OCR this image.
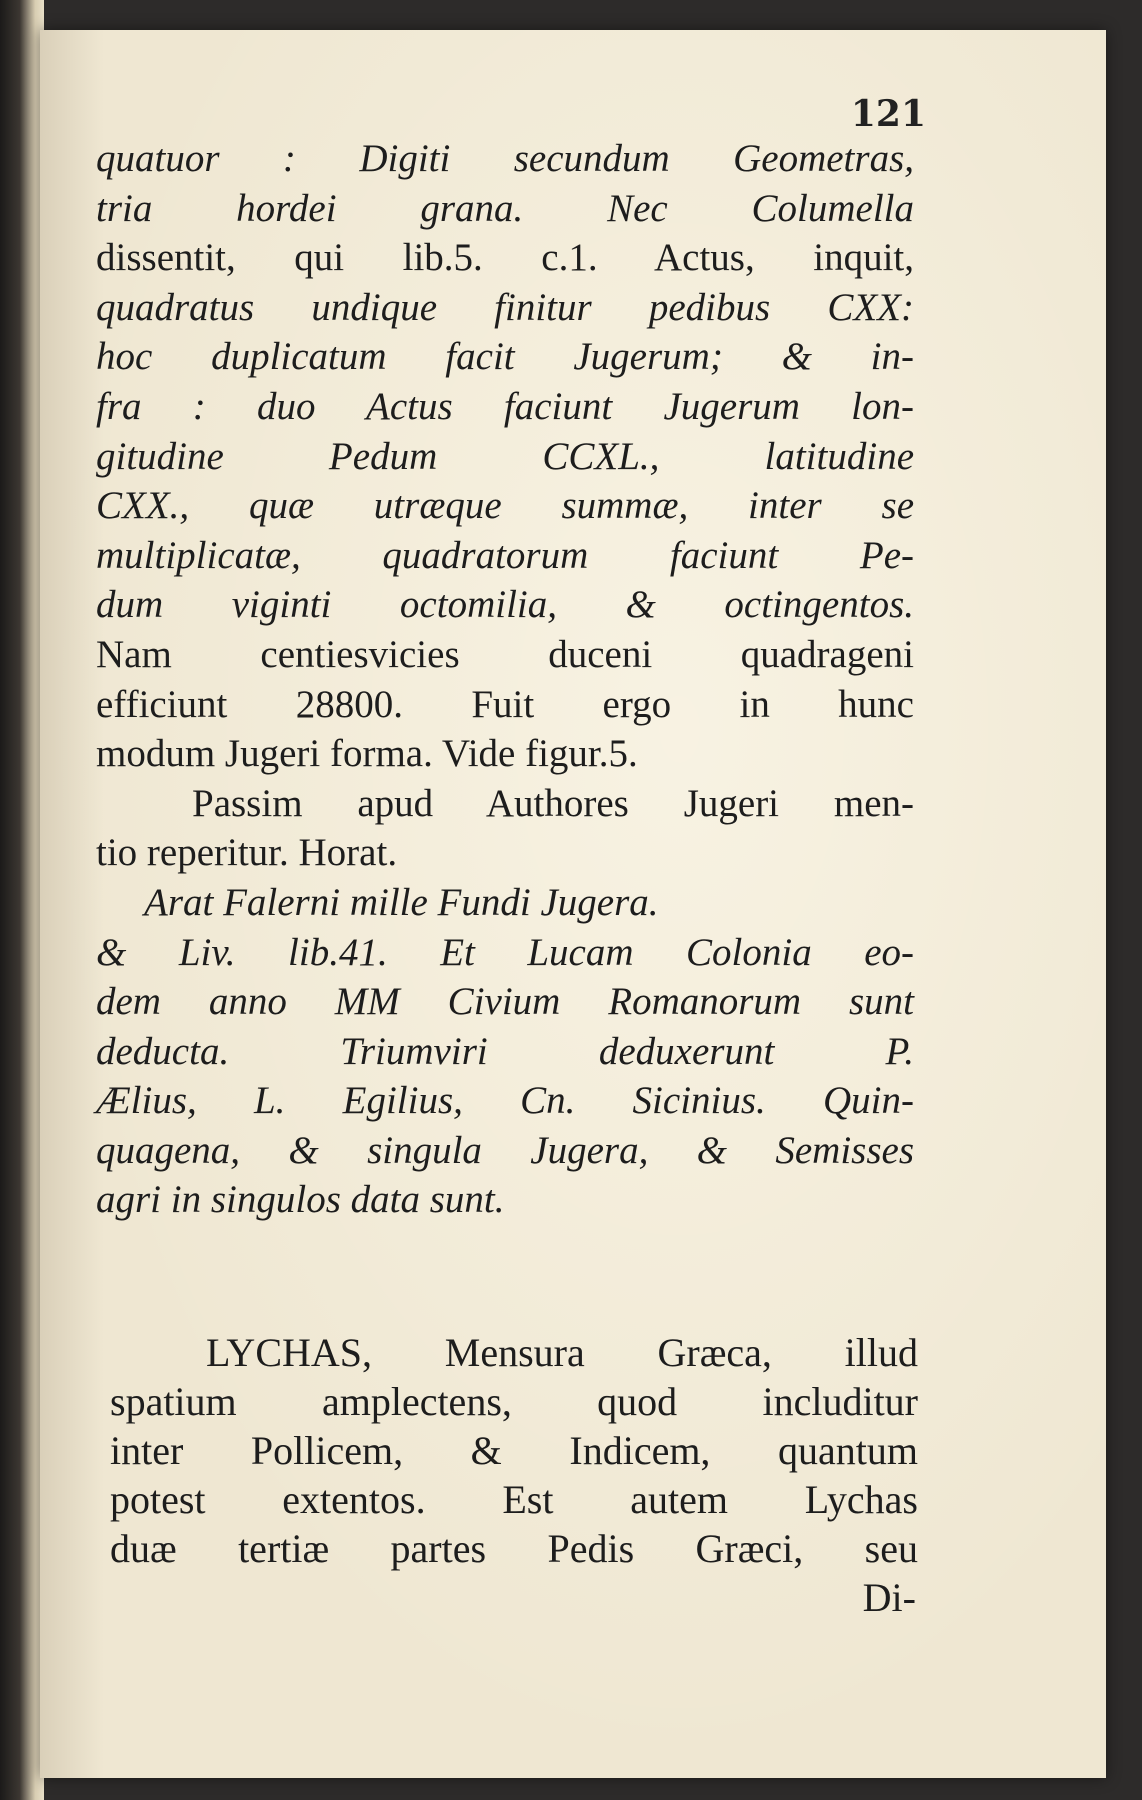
121
quatuor : Digiti secundum Geometras,
tria hordei grana. Nec Columella
dissentit, qui lib.5. c.1. Actus, inquit,
quadratus undique finitur pedibus CXX:
hoc duplicatum facit Jugerum; & in-
fra : duo Actus faciunt Jugerum lon-
gitudine Pedum CCXL., latitudine
CXX., quæ utræque summæ, inter se
multiplicatæ, quadratorum faciunt Pe-
dum viginti octomilia, & octingentos.
Nam centiesvicies duceni quadrageni
efficiunt 28800. Fuit ergo in hunc
modum Jugeri forma. Vide figur.5.
Passim apud Authores Jugeri men-
tio reperitur. Horat.
Arat Falerni mille Fundi Jugera.
& Liv. lib.41. Et Lucam Colonia eo-
dem anno MM Civium Romanorum sunt
deducta. Triumviri deduxerunt P.
Ælius, L. Egilius, Cn. Sicinius. Quin-
quagena, & singula Jugera, & Semisses
agri in singulos data sunt.
LYCHAS, Mensura Græca, illud
spatium amplectens, quod includitur
inter Pollicem, & Indicem, quantum
potest extentos. Est autem Lychas
duæ tertiæ partes Pedis Græci, seu
Di-
